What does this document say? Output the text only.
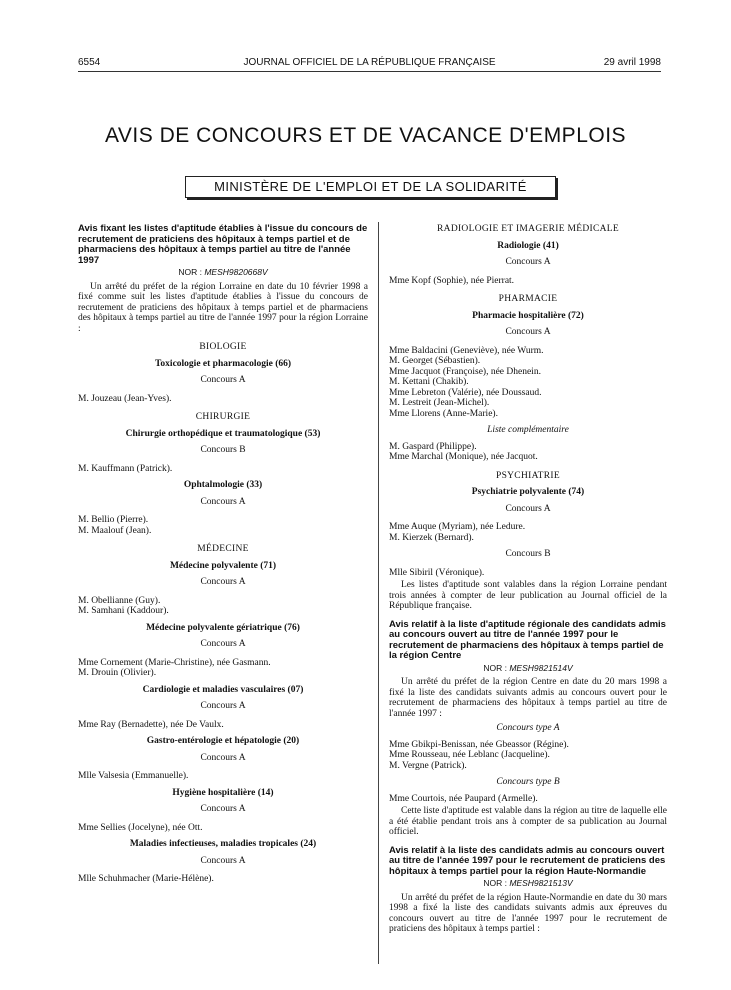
6554	JOURNAL OFFICIEL DE LA RÉPUBLIQUE FRANÇAISE	29 avril 1998
AVIS DE CONCOURS ET DE VACANCE D'EMPLOIS
MINISTÈRE DE L'EMPLOI ET DE LA SOLIDARITÉ

Avis fixant les listes d'aptitude établies à l'issue du concours de recrutement de praticiens des hôpitaux à temps partiel et de pharmaciens des hôpitaux à temps partiel au titre de l'année 1997

NOR : MESH9820668V

Un arrêté du préfet de la région Lorraine en date du 10 février 1998 a fixé comme suit les listes d'aptitude établies à l'issue du concours de recrutement de praticiens des hôpitaux à temps partiel et de pharmaciens des hôpitaux à temps partiel au titre de l'année 1997 pour la région Lorraine :

BIOLOGIE
Toxicologie et pharmacologie (66)
Concours A
M. Jouzeau (Jean-Yves).
CHIRURGIE
Chirurgie orthopédique et traumatologique (53)
Concours B
M. Kauffmann (Patrick).
Ophtalmologie (33)
Concours A
M. Bellio (Pierre).
M. Maalouf (Jean).
MÉDECINE
Médecine polyvalente (71)
Concours A
M. Obellianne (Guy).
M. Samhani (Kaddour).
Médecine polyvalente gériatrique (76)
Concours A
Mme Cornement (Marie-Christine), née Gasmann.
M. Drouin (Olivier).
Cardiologie et maladies vasculaires (07)
Concours A
Mme Ray (Bernadette), née De Vaulx.
Gastro-entérologie et hépatologie (20)
Concours A
Mlle Valsesia (Emmanuelle).
Hygiène hospitalière (14)
Concours A
Mme Sellies (Jocelyne), née Ott.
Maladies infectieuses, maladies tropicales (24)
Concours A
Mlle Schuhmacher (Marie-Hélène).
RADIOLOGIE ET IMAGERIE MÉDICALE
Radiologie (41)
Concours A
Mme Kopf (Sophie), née Pierrat.
PHARMACIE
Pharmacie hospitalière (72)
Concours A
Mme Baldacini (Geneviève), née Wurm.
M. Georget (Sébastien).
Mme Jacquot (Françoise), née Dhenein.
M. Kettani (Chakib).
Mme Lebreton (Valérie), née Doussaud.
M. Lestreit (Jean-Michel).
Mme Llorens (Anne-Marie).
Liste complémentaire
M. Gaspard (Philippe).
Mme Marchal (Monique), née Jacquot.
PSYCHIATRIE
Psychiatrie polyvalente (74)
Concours A
Mme Auque (Myriam), née Ledure.
M. Kierzek (Bernard).
Concours B
Mlle Sibiril (Véronique).

Les listes d'aptitude sont valables dans la région Lorraine pendant trois années à compter de leur publication au Journal officiel de la République française.

Avis relatif à la liste d'aptitude régionale des candidats admis au concours ouvert au titre de l'année 1997 pour le recrutement de pharmaciens des hôpitaux à temps partiel de la région Centre

NOR : MESH9821514V

Un arrêté du préfet de la région Centre en date du 20 mars 1998 a fixé la liste des candidats suivants admis au concours ouvert pour le recrutement de pharmaciens des hôpitaux à temps partiel au titre de l'année 1997 :

Concours type A
Mme Gbikpi-Benissan, née Gbeassor (Régine).
Mme Rousseau, née Leblanc (Jacqueline).
M. Vergne (Patrick).
Concours type B
Mme Courtois, née Paupard (Armelle).

Cette liste d'aptitude est valable dans la région au titre de laquelle elle a été établie pendant trois ans à compter de sa publication au Journal officiel.

Avis relatif à la liste des candidats admis au concours ouvert au titre de l'année 1997 pour le recrutement de praticiens des hôpitaux à temps partiel pour la région Haute-Normandie

NOR : MESH9821513V

Un arrêté du préfet de la région Haute-Normandie en date du 30 mars 1998 a fixé la liste des candidats suivants admis aux épreuves du concours ouvert au titre de l'année 1997 pour le recrutement de praticiens des hôpitaux à temps partiel :
